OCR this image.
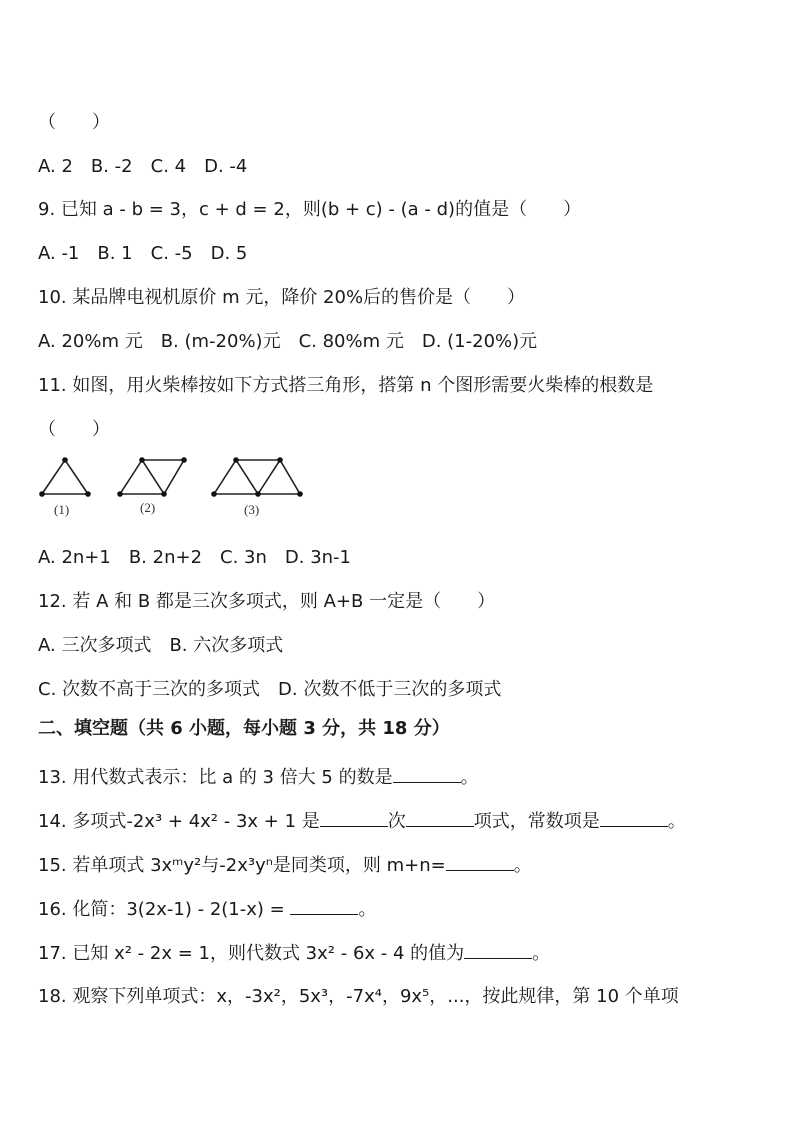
（　　）
A. 2　B. -2　C. 4　D. -4
9. 已知 a - b = 3，c + d = 2，则(b + c) - (a - d)的值是（　　）
A. -1　B. 1　C. -5　D. 5
10. 某品牌电视机原价 m 元，降价 20%后的售价是（　　）
A. 20%m 元　B. (m-20%)元　C. 80%m 元　D. (1-20%)元
11. 如图，用火柴棒按如下方式搭三角形，搭第 n 个图形需要火柴棒的根数是
（　　）
(1)	(2)	(3)
A. 2n+1　B. 2n+2　C. 3n　D. 3n-1
12. 若 A 和 B 都是三次多项式，则 A+B 一定是（　　）
A. 三次多项式　B. 六次多项式
C. 次数不高于三次的多项式　D. 次数不低于三次的多项式
二、填空题（共 6 小题，每小题 3 分，共 18 分）
13. 用代数式表示：比 a 的 3 倍大 5 的数是	。
14. 多项式-2x³ + 4x² - 3x + 1 是	次	项式，常数项是	。
15. 若单项式 3xᵐy²与-2x³yⁿ是同类项，则 m+n=	。
16. 化简：3(2x-1) - 2(1-x) =	。
17. 已知 x² - 2x = 1，则代数式 3x² - 6x - 4 的值为	。
18. 观察下列单项式：x，-3x²，5x³，-7x⁴，9x⁵，...，按此规律，第 10 个单项
